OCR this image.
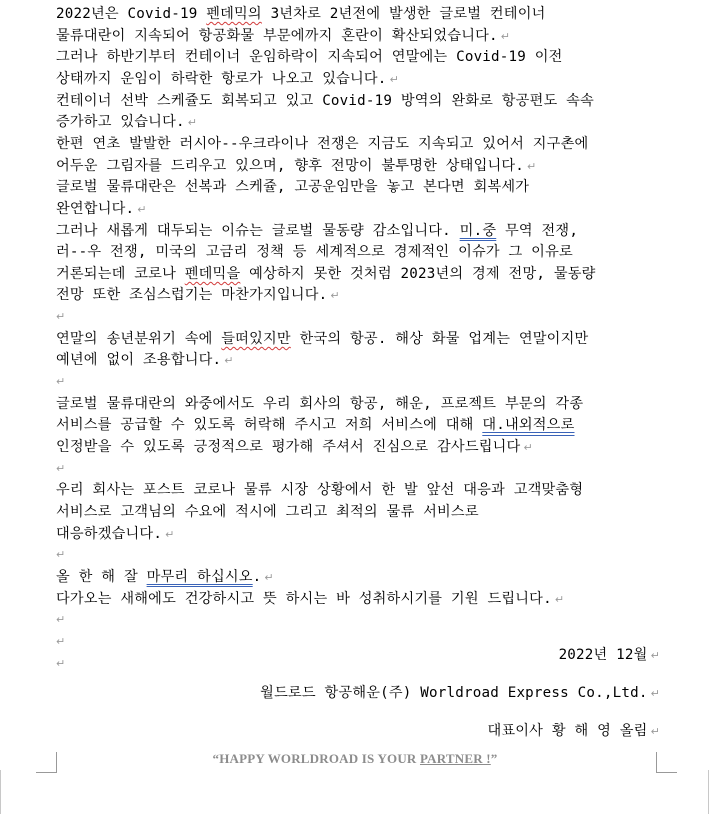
2022년은 Covid-19 펜데믹의 3년차로 2년전에 발생한 글로벌 컨테이너
물류대란이 지속되어 항공화물 부문에까지 혼란이 확산되었습니다. ↵
그러나 하반기부터 컨테이너 운임하락이 지속되어 연말에는 Covid-19 이전
상태까지 운임이 하락한 항로가 나오고 있습니다. ↵
컨테이너 선박 스케쥴도 회복되고 있고 Covid-19 방역의 완화로 항공편도 속속
증가하고 있습니다. ↵
한편 연초 발발한 러시아--우크라이나 전쟁은 지금도 지속되고 있어서 지구촌에
어두운 그림자를 드리우고 있으며, 향후 전망이 불투명한 상태입니다. ↵
글로벌 물류대란은 선복과 스케쥴, 고공운임만을 놓고 본다면 회복세가
완연합니다. ↵
그러나 새롭게 대두되는 이슈는 글로벌 물동량 감소입니다. 미.중 무역 전쟁,
러--우 전쟁, 미국의 고금리 정책 등 세계적으로 경제적인 이슈가 그 이유로
거론되는데 코로나 펜데믹을 예상하지 못한 것처럼 2023년의 경제 전망, 물동량
전망 또한 조심스럽기는 마찬가지입니다. ↵
↵
연말의 송년분위기 속에 들떠있지만 한국의 항공. 해상 화물 업계는 연말이지만
예년에 없이 조용합니다. ↵
↵
글로벌 물류대란의 와중에서도 우리 회사의 항공, 해운, 프로젝트 부문의 각종
서비스를 공급할 수 있도록 허락해 주시고 저희 서비스에 대해 대.내외적으로
인정받을 수 있도록 긍정적으로 평가해 주셔서 진심으로 감사드립니다 ↵
↵
우리 회사는 포스트 코로나 물류 시장 상황에서 한 발 앞선 대응과 고객맞춤형
서비스로 고객님의 수요에 적시에 그리고 최적의 물류 서비스로
대응하겠습니다. ↵
↵
올 한 해 잘 마무리 하십시오. ↵
다가오는 새해에도 건강하시고 뜻 하시는 바 성취하시기를 기원 드립니다. ↵
↵
↵
↵	2022년 12월 ↵
월드로드 항공해운(주) Worldroad Express Co.,Ltd. ↵
대표이사 황 해 영 올림 ↵
“HAPPY WORLDROAD IS YOUR PARTNER !”
